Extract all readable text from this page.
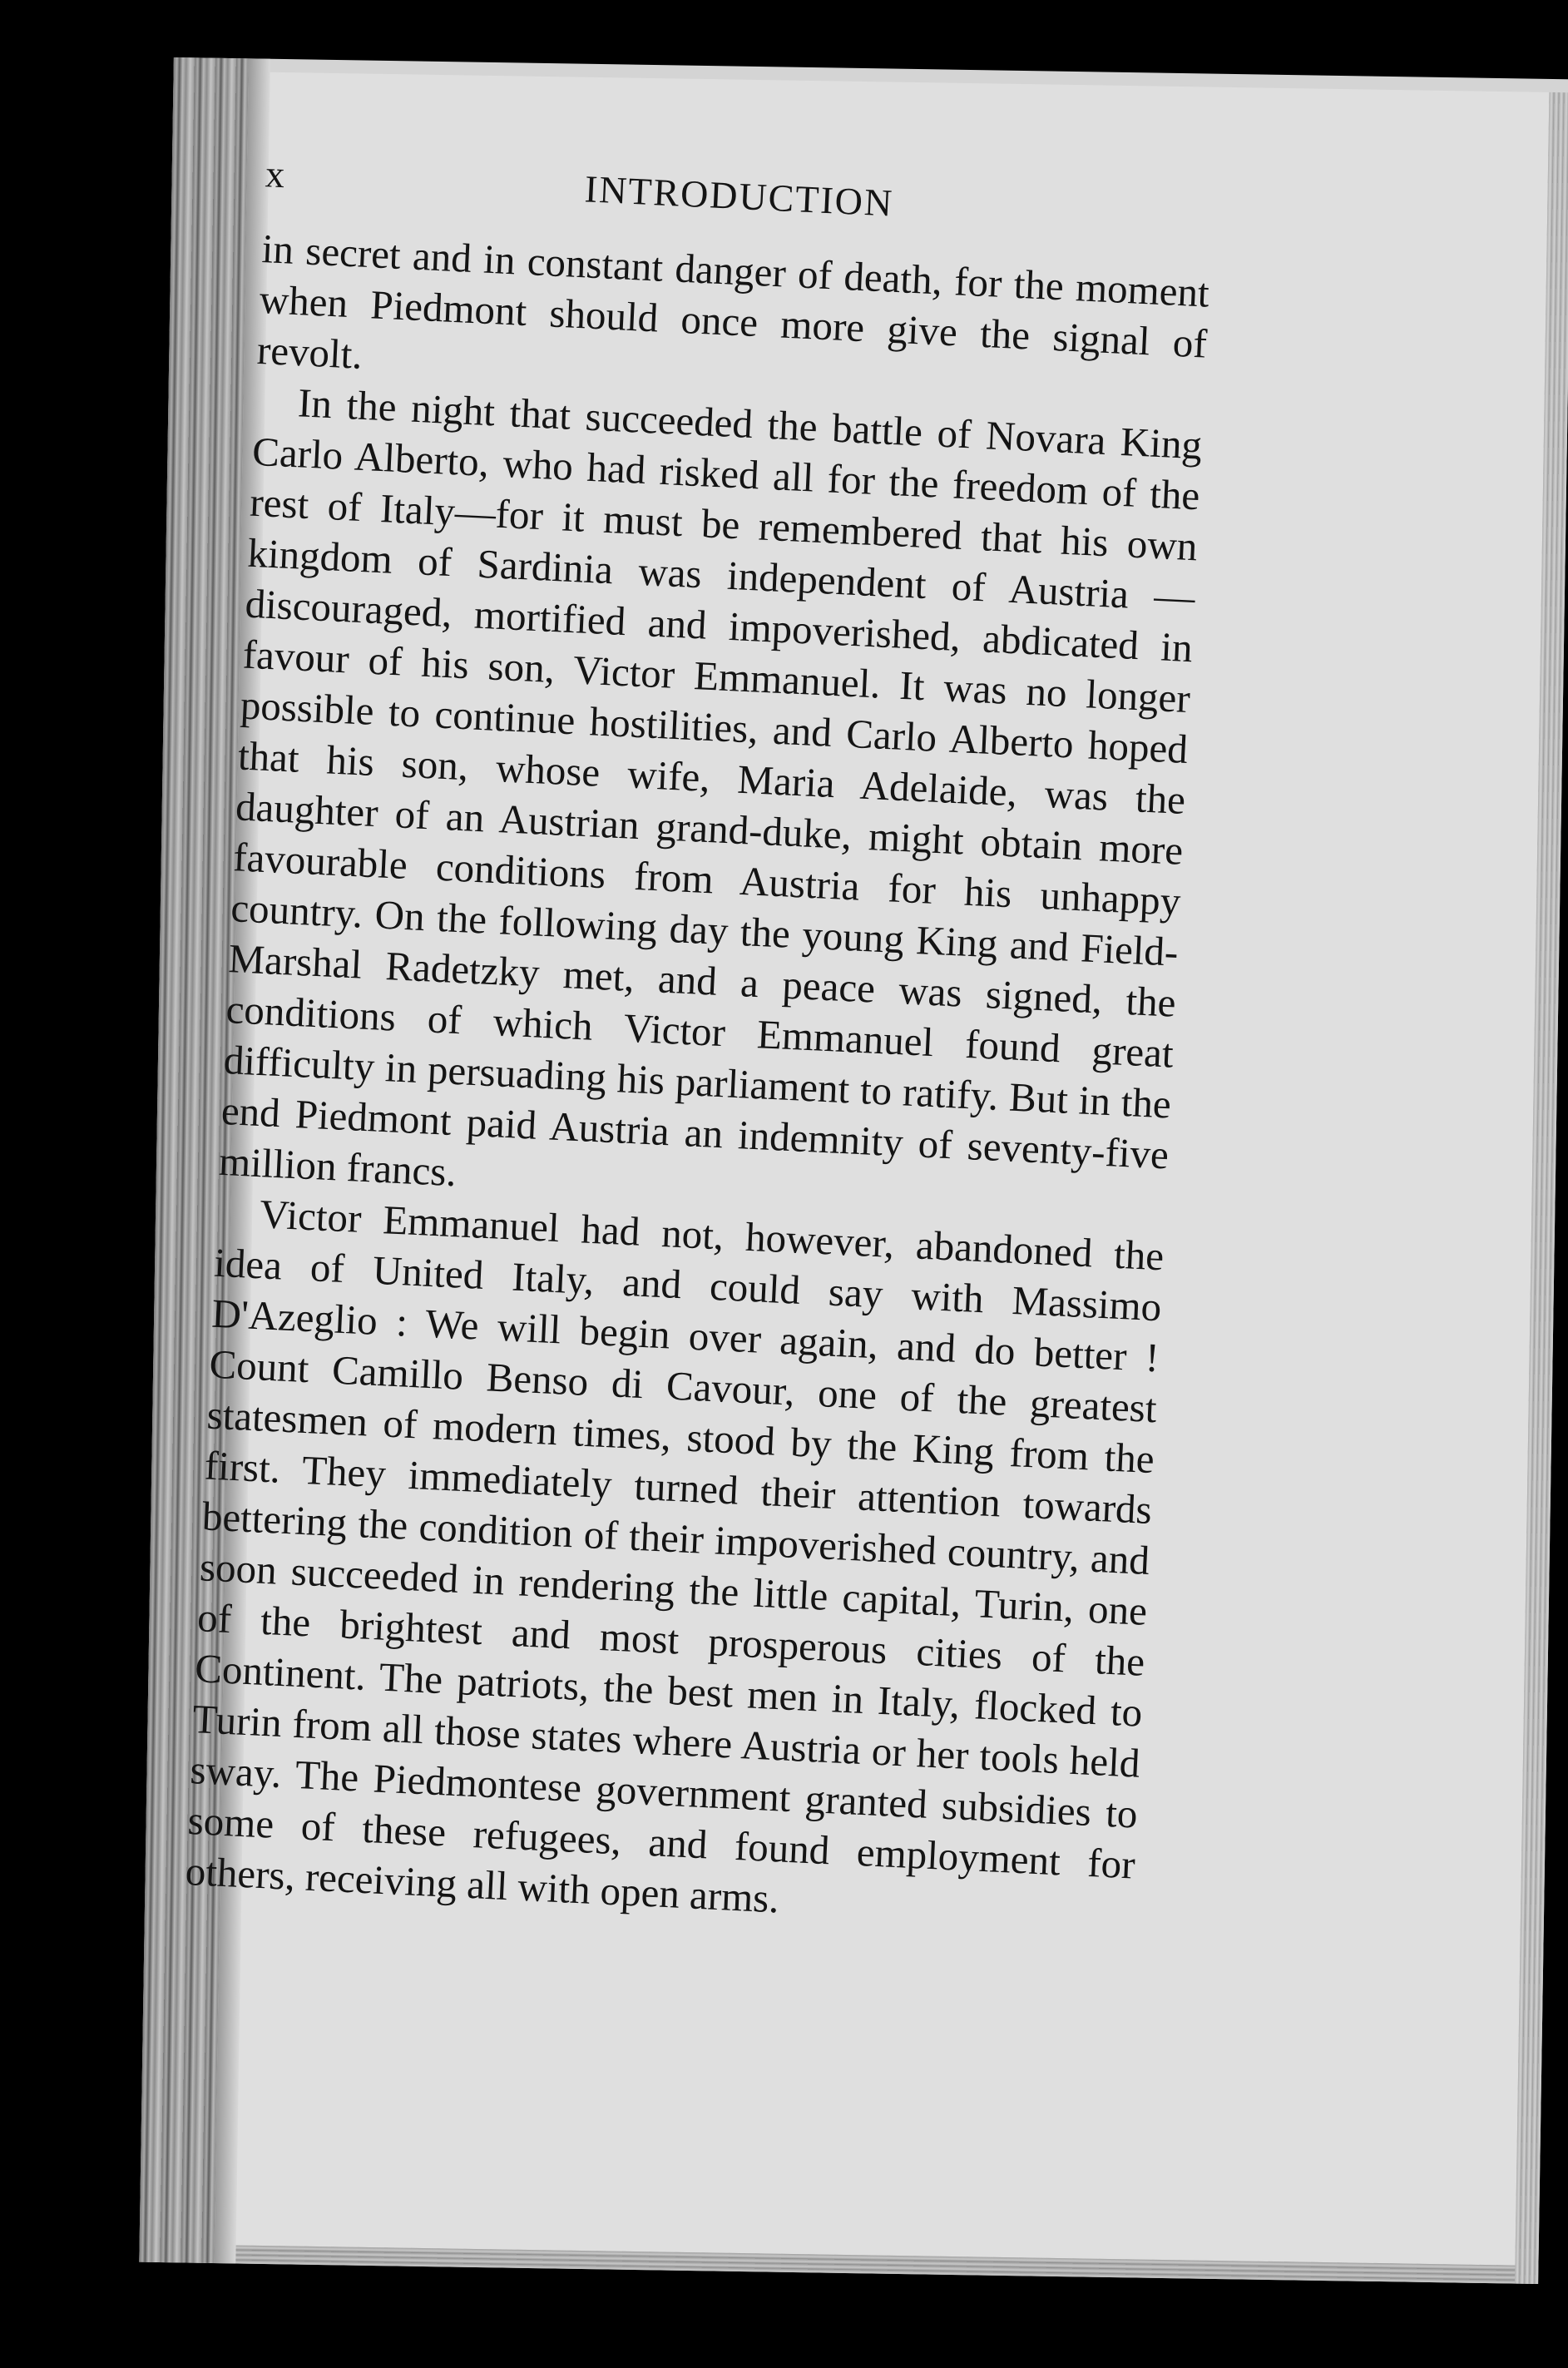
x	INTRODUCTION

in secret and in constant danger of death, for the moment when Piedmont should once more give the signal of revolt.

In the night that succeeded the battle of Novara King Carlo Alberto, who had risked all for the freedom of the rest of Italy—for it must be remembered that his own kingdom of Sardinia was independent of Austria —discouraged, mortified and impoverished, abdicated in favour of his son, Victor Emmanuel. It was no longer possible to continue hostilities, and Carlo Alberto hoped that his son, whose wife, Maria Adelaide, was the daughter of an Austrian grand-duke, might obtain more favourable conditions from Austria for his unhappy country. On the following day the young King and Field-Marshal Radetzky met, and a peace was signed, the conditions of which Victor Emmanuel found great difficulty in persuading his parliament to ratify. But in the end Piedmont paid Austria an indemnity of seventy-five million francs.

Victor Emmanuel had not, however, abandoned the idea of United Italy, and could say with Massimo D'Azeglio : We will begin over again, and do better ! Count Camillo Benso di Cavour, one of the greatest statesmen of modern times, stood by the King from the first. They immediately turned their attention towards bettering the condition of their impoverished country, and soon succeeded in rendering the little capital, Turin, one of the brightest and most prosperous cities of the Continent. The patriots, the best men in Italy, flocked to Turin from all those states where Austria or her tools held sway. The Piedmontese government granted subsidies to some of these refugees, and found employment for others, receiving all with open arms.
